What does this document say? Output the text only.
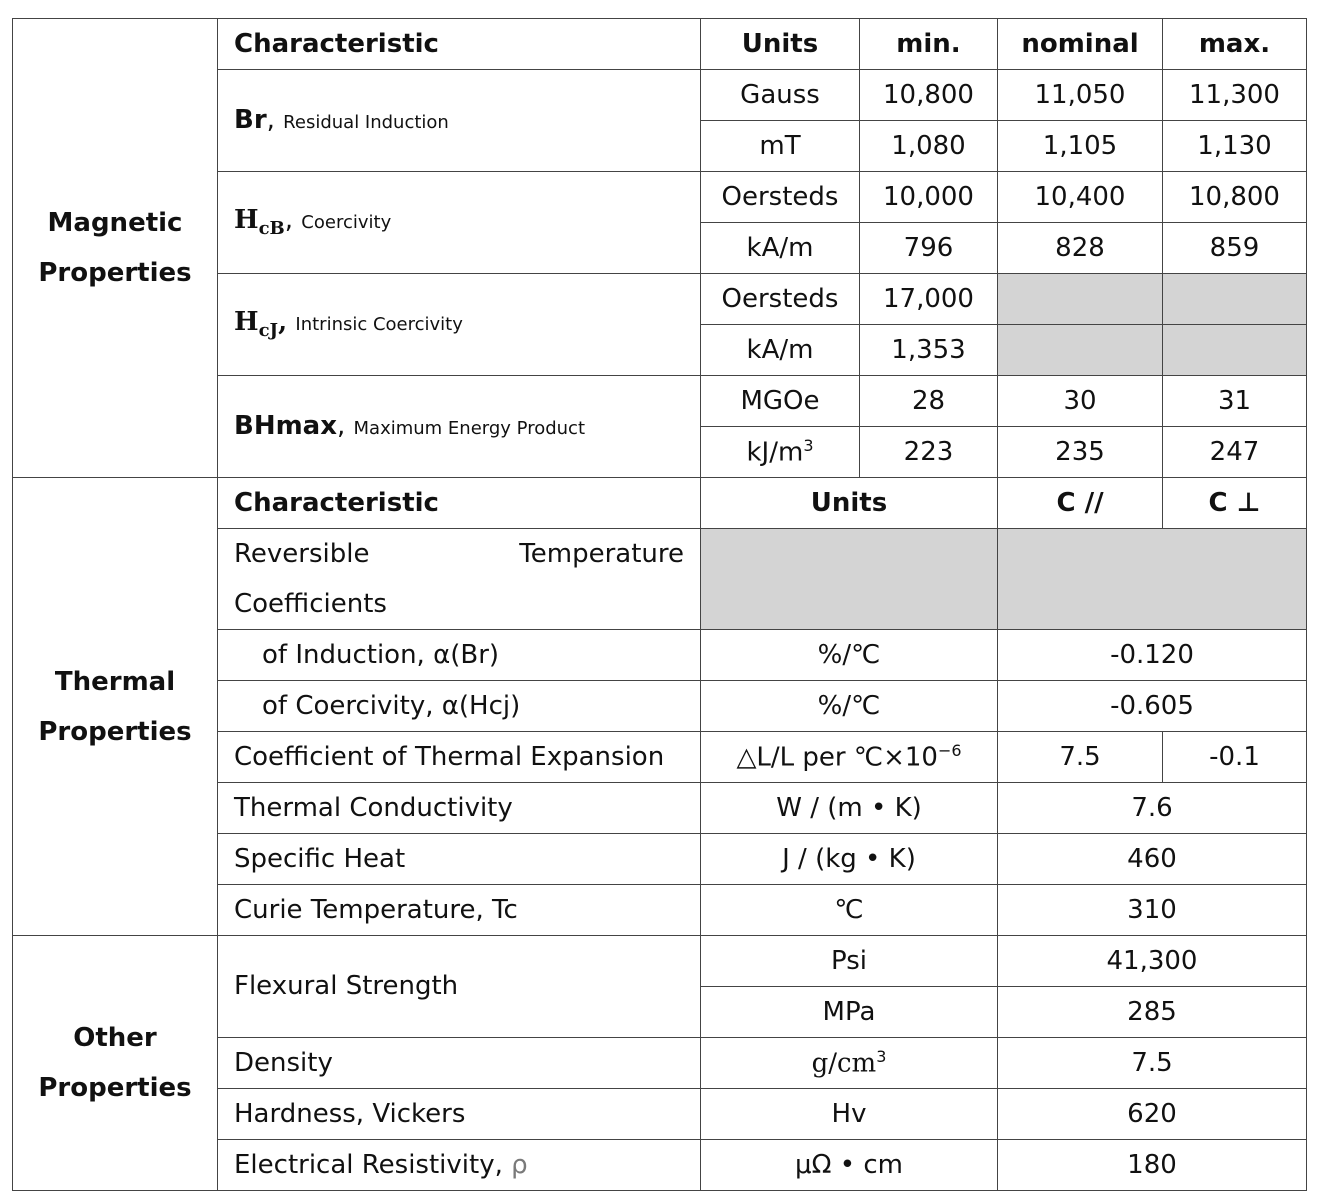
Magnetic
Properties	Characteristic	Units	min.	nominal	max.
	Br, Residual Induction	Gauss	10,800	11,050	11,300
		mT	1,080	1,105	1,130
	$H_{cB}$, Coercivity	Oersteds	10,000	10,400	10,800
		kA/m	796	828	859
	$H_{cJ}$, Intrinsic Coercivity	Oersteds	17,000		
		kA/m	1,353		
	BHmax, Maximum Energy Product	MGOe	28	30	31
		$kJ/m^3$	223	235	247
Thermal
Properties	Characteristic	Units		C //	C ⊥

	Reversible Temperature
Coefficients				

	of Induction, α(Br)	%/℃		-0.120	
	of Coercivity, α(Hcj)	%/℃		-0.605	
	Coefficient of Thermal Expansion	△L/L per $℃\times 10^{-6}$		7.5	-0.1
	Thermal Conductivity	W / (m • K)		7.6	
	Specific Heat	J / (kg • K)		460	
	Curie Temperature, Tc	℃		310	
Other
Properties	Flexural Strength	Psi		41,300	
		MPa		285	
	Density	$g/cm^3$		7.5	
	Hardness, Vickers	Hv		620	
	Electrical Resistivity, ρ	μΩ • cm		180	
